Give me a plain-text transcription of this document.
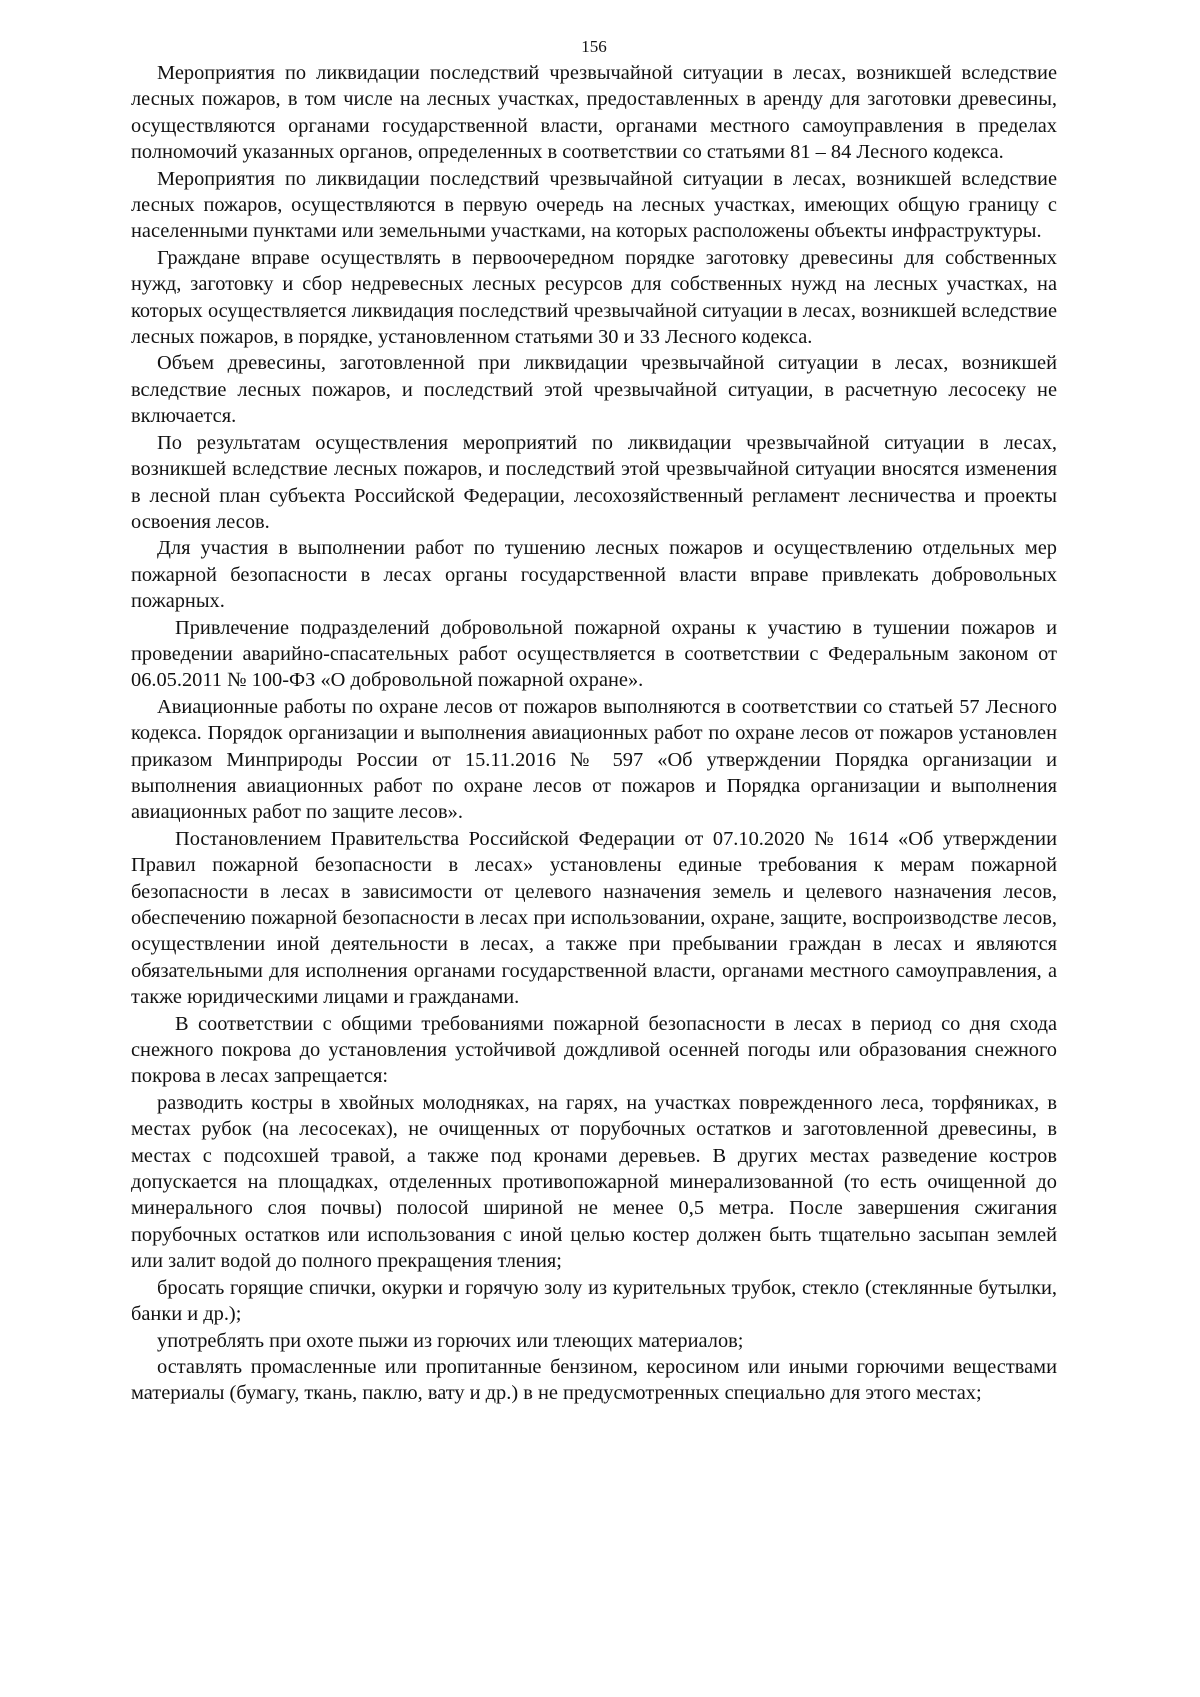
156

Мероприятия по ликвидации последствий чрезвычайной ситуации в лесах, возникшей вследствие лесных пожаров, в том числе на лесных участках, предоставленных в аренду для заготовки древесины, осуществляются органами государственной власти, органами местного самоуправления в пределах полномочий указанных органов, определенных в соответствии со статьями 81 – 84 Лесного кодекса.

Мероприятия по ликвидации последствий чрезвычайной ситуации в лесах, возникшей вследствие лесных пожаров, осуществляются в первую очередь на лесных участках, имеющих общую границу с населенными пунктами или земельными участками, на которых расположены объекты инфраструктуры.

Граждане вправе осуществлять в первоочередном порядке заготовку древесины для собственных нужд, заготовку и сбор недревесных лесных ресурсов для собственных нужд на лесных участках, на которых осуществляется ликвидация последствий чрезвычайной ситуации в лесах, возникшей вследствие лесных пожаров, в порядке, установленном статьями 30 и 33 Лесного кодекса.

Объем древесины, заготовленной при ликвидации чрезвычайной ситуации в лесах, возникшей вследствие лесных пожаров, и последствий этой чрезвычайной ситуации, в расчетную лесосеку не включается.

По результатам осуществления мероприятий по ликвидации чрезвычайной ситуации в лесах, возникшей вследствие лесных пожаров, и последствий этой чрезвычайной ситуации вносятся изменения в лесной план субъекта Российской Федерации, лесохозяйственный регламент лесничества и проекты освоения лесов.

Для участия в выполнении работ по тушению лесных пожаров и осуществлению отдельных мер пожарной безопасности в лесах органы государственной власти вправе привлекать добровольных пожарных.

Привлечение подразделений добровольной пожарной охраны к участию в тушении пожаров и проведении аварийно-спасательных работ осуществляется в соответствии с Федеральным законом от 06.05.2011 № 100-ФЗ «О добровольной пожарной охране».

Авиационные работы по охране лесов от пожаров выполняются в соответствии со статьей 57 Лесного кодекса. Порядок организации и выполнения авиационных работ по охране лесов от пожаров установлен приказом Минприроды России от 15.11.2016 № 597 «Об утверждении Порядка организации и выполнения авиационных работ по охране лесов от пожаров и Порядка организации и выполнения авиационных работ по защите лесов».

Постановлением Правительства Российской Федерации от 07.10.2020 № 1614 «Об утверждении Правил пожарной безопасности в лесах» установлены единые требования к мерам пожарной безопасности в лесах в зависимости от целевого назначения земель и целевого назначения лесов, обеспечению пожарной безопасности в лесах при использовании, охране, защите, воспроизводстве лесов, осуществлении иной деятельности в лесах, а также при пребывании граждан в лесах и являются обязательными для исполнения органами государственной власти, органами местного самоуправления, а также юридическими лицами и гражданами.

В соответствии с общими требованиями пожарной безопасности в лесах в период со дня схода снежного покрова до установления устойчивой дождливой осенней погоды или образования снежного покрова в лесах запрещается:

разводить костры в хвойных молодняках, на гарях, на участках поврежденного леса, торфяниках, в местах рубок (на лесосеках), не очищенных от порубочных остатков и заготовленной древесины, в местах с подсохшей травой, а также под кронами деревьев. В других местах разведение костров допускается на площадках, отделенных противопожарной минерализованной (то есть очищенной до минерального слоя почвы) полосой шириной не менее 0,5 метра. После завершения сжигания порубочных остатков или использования с иной целью костер должен быть тщательно засыпан землей или залит водой до полного прекращения тления;

бросать горящие спички, окурки и горячую золу из курительных трубок, стекло (стеклянные бутылки, банки и др.);

употреблять при охоте пыжи из горючих или тлеющих материалов;

оставлять промасленные или пропитанные бензином, керосином или иными горючими веществами материалы (бумагу, ткань, паклю, вату и др.) в не предусмотренных специально для этого местах;
